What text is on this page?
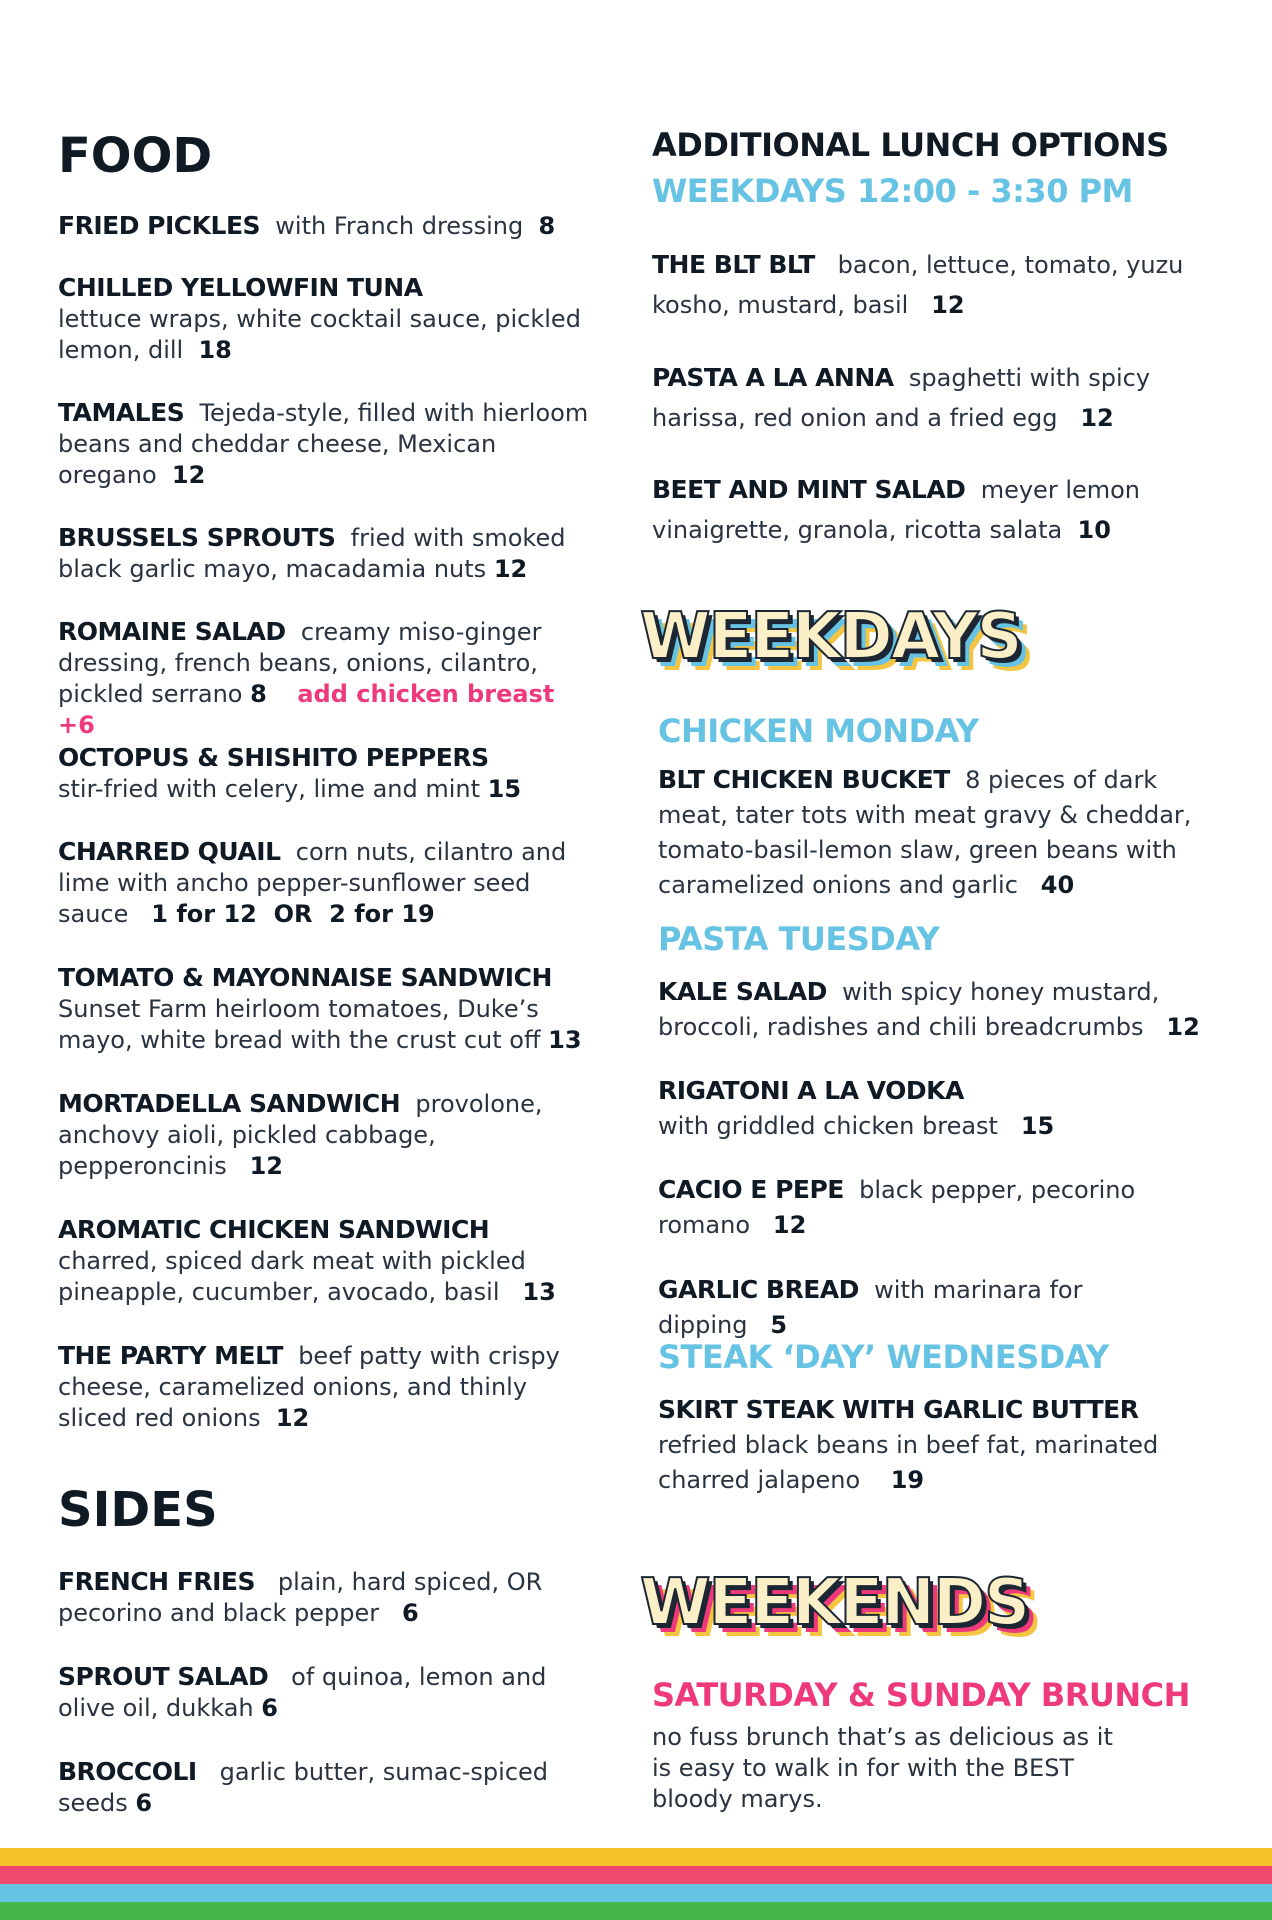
FOOD
FRIED PICKLES with Franch dressing 8
CHILLED YELLOWFIN TUNA
lettuce wraps, white cocktail sauce, pickled lemon, dill 18
TAMALES Tejeda-style, filled with hierloom beans and cheddar cheese, Mexican oregano 12
BRUSSELS SPROUTS fried with smoked black garlic mayo, macadamia nuts 12
ROMAINE SALAD creamy miso-ginger dressing, french beans, onions, cilantro, pickled serrano 8 add chicken breast +6
OCTOPUS & SHISHITO PEPPERS
stir-fried with celery, lime and mint 15
CHARRED QUAIL corn nuts, cilantro and lime with ancho pepper-sunflower seed sauce 1 for 12  OR  2 for 19
TOMATO & MAYONNAISE SANDWICH
Sunset Farm heirloom tomatoes, Duke’s mayo, white bread with the crust cut off 13
MORTADELLA SANDWICH provolone, anchovy aioli, pickled cabbage, pepperoncinis 12
AROMATIC CHICKEN SANDWICH
charred, spiced dark meat with pickled pineapple, cucumber, avocado, basil 13
THE PARTY MELT beef patty with crispy cheese, caramelized onions, and thinly sliced red onions 12
SIDES
FRENCH FRIES plain, hard spiced, OR pecorino and black pepper 6
SPROUT SALAD of quinoa, lemon and olive oil, dukkah 6
BROCCOLI garlic butter, sumac-spiced seeds 6
ADDITIONAL LUNCH OPTIONS
WEEKDAYS 12:00 - 3:30 PM
THE BLT BLT bacon, lettuce, tomato, yuzu kosho, mustard, basil 12
PASTA A LA ANNA spaghetti with spicy harissa, red onion and a fried egg 12
BEET AND MINT SALAD meyer lemon vinaigrette, granola, ricotta salata 10
WEEKDAYS
CHICKEN MONDAY
BLT CHICKEN BUCKET 8 pieces of dark meat, tater tots with meat gravy & cheddar, tomato-basil-lemon slaw, green beans with caramelized onions and garlic 40
PASTA TUESDAY
KALE SALAD with spicy honey mustard, broccoli, radishes and chili breadcrumbs 12
RIGATONI A LA VODKA
with griddled chicken breast 15
CACIO E PEPE black pepper, pecorino romano 12
GARLIC BREAD with marinara for dipping 5
STEAK ‘DAY’ WEDNESDAY
SKIRT STEAK WITH GARLIC BUTTER
refried black beans in beef fat, marinated charred jalapeno 19
WEEKENDS
SATURDAY & SUNDAY BRUNCH
no fuss brunch that’s as delicious as it is easy to walk in for with the BEST bloody marys.
